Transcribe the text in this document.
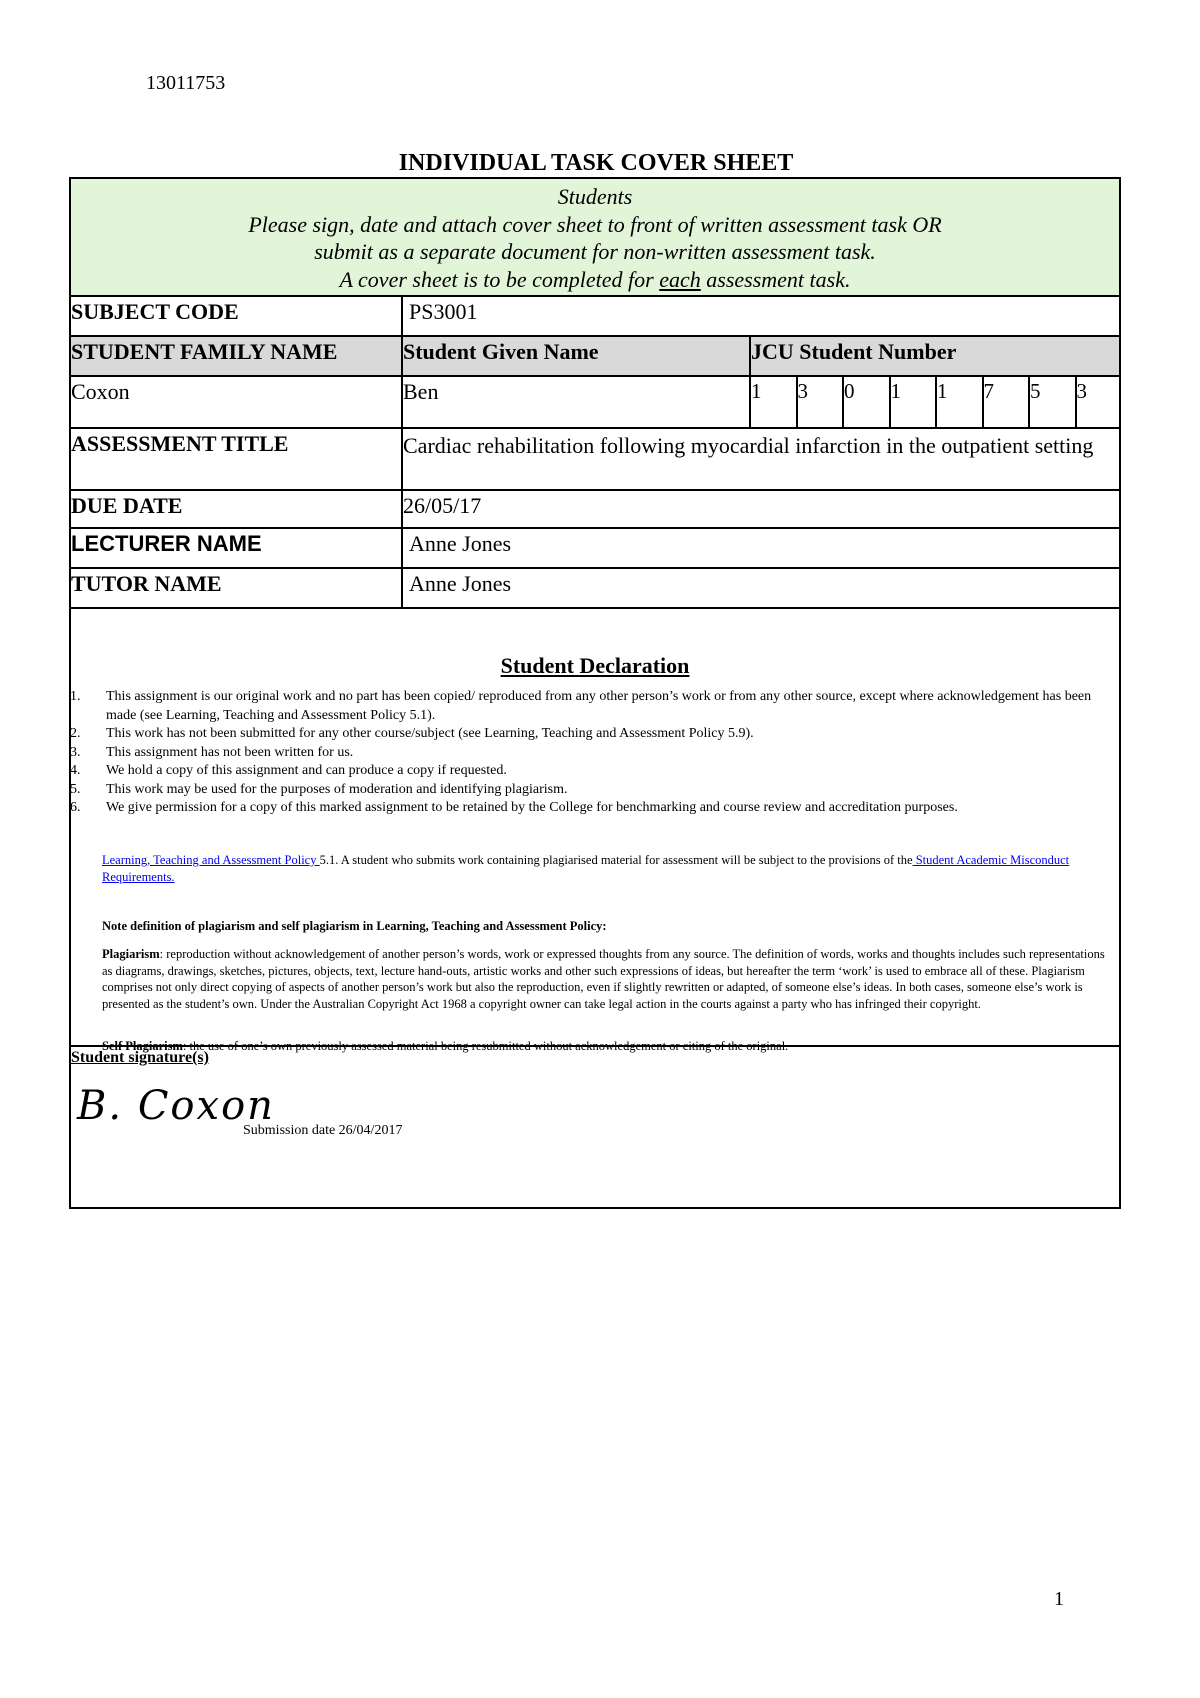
13011753
INDIVIDUAL TASK COVER SHEET
Students
Please sign, date and attach cover sheet to front of written assessment task OR
submit as a separate document for non-written assessment task.
A cover sheet is to be completed for each assessment task.
SUBJECT CODE	PS3001
STUDENT FAMILY NAME	Student Given Name	JCU Student Number
Coxon	Ben	1	3	0	1	1	7	5	3
ASSESSMENT TITLE	Cardiac rehabilitation following myocardial infarction in the outpatient setting
DUE DATE	26/05/17
LECTURER NAME	Anne Jones
TUTOR NAME	Anne Jones
Student signature(s)
B. Coxon
Submission date 26/04/2017
Student Declaration
1.	This assignment is our original work and no part has been copied/ reproduced from any other person’s work or from any other source, except where acknowledgement has been made (see Learning, Teaching and Assessment Policy 5.1).
2.	This work has not been submitted for any other course/subject (see Learning, Teaching and Assessment Policy 5.9).
3.	This assignment has not been written for us.
4.	We hold a copy of this assignment and can produce a copy if requested.
5.	This work may be used for the purposes of moderation and identifying plagiarism.
6.	We give permission for a copy of this marked assignment to be retained by the College for benchmarking and course review and accreditation purposes.
Learning, Teaching and Assessment Policy 5.1. A student who submits work containing plagiarised material for assessment will be subject to the provisions of the Student Academic Misconduct Requirements.
Note definition of plagiarism and self plagiarism in Learning, Teaching and Assessment Policy:
Plagiarism: reproduction without acknowledgement of another person’s words, work or expressed thoughts from any source. The definition of words, works and thoughts includes such representations as diagrams, drawings, sketches, pictures, objects, text, lecture hand-outs, artistic works and other such expressions of ideas, but hereafter the term ‘work’ is used to embrace all of these. Plagiarism comprises not only direct copying of aspects of another person’s work but also the reproduction, even if slightly rewritten or adapted, of someone else’s ideas. In both cases, someone else’s work is presented as the student’s own. Under the Australian Copyright Act 1968 a copyright owner can take legal action in the courts against a party who has infringed their copyright.
Self Plagiarism: the use of one’s own previously assessed material being resubmitted without acknowledgement or citing of the original.
1
